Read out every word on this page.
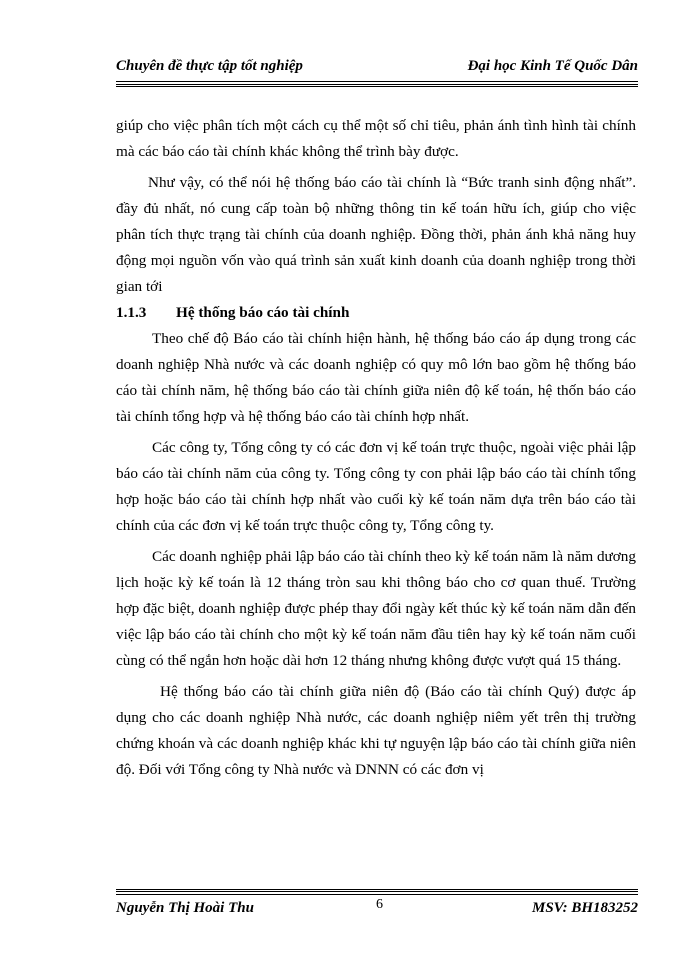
Chuyên đề thực tập tốt nghiệp	Đại học Kinh Tế Quốc Dân

giúp cho việc phân tích một cách cụ thể một số chỉ tiêu, phản ánh tình hình tài chính mà các báo cáo tài chính khác không thể trình bày được.

Như vậy, có thể nói hệ thống báo cáo tài chính là “Bức tranh sinh động nhất”. đầy đủ nhất, nó cung cấp toàn bộ những thông tin kế toán hữu ích, giúp cho việc phân tích thực trạng tài chính của doanh nghiệp. Đồng thời, phản ánh khả năng huy động mọi nguồn vốn vào quá trình sản xuất kinh doanh của doanh nghiệp trong thời gian tới

1.1.3 Hệ thống báo cáo tài chính

Theo chế độ Báo cáo tài chính hiện hành, hệ thống báo cáo áp dụng trong các doanh nghiệp Nhà nước và các doanh nghiệp có quy mô lớn bao gồm hệ thống báo cáo tài chính năm, hệ thống báo cáo tài chính giữa niên độ kế toán, hệ thốn báo cáo tài chính tổng hợp và hệ thống báo cáo tài chính hợp nhất.

Các công ty, Tổng công ty có các đơn vị kế toán trực thuộc, ngoài việc phải lập báo cáo tài chính năm của công ty. Tổng công ty con phải lập báo cáo tài chính tổng hợp hoặc báo cáo tài chính hợp nhất vào cuối kỳ kế toán năm dựa trên báo cáo tài chính của các đơn vị kế toán trực thuộc công ty, Tổng công ty.

Các doanh nghiệp phải lập báo cáo tài chính theo kỳ kế toán năm là năm dương lịch hoặc kỳ kế toán là 12 tháng tròn sau khi thông báo cho cơ quan thuế. Trường hợp đặc biệt, doanh nghiệp được phép thay đổi ngày kết thúc kỳ kế toán năm dẫn đến việc lập báo cáo tài chính cho một kỳ kế toán năm đầu tiên hay kỳ kế toán năm cuối cùng có thể ngắn hơn hoặc dài hơn 12 tháng nhưng không được vượt quá 15 tháng.

Hệ thống báo cáo tài chính giữa niên độ (Báo cáo tài chính Quý) được áp dụng cho các doanh nghiệp Nhà nước, các doanh nghiệp niêm yết trên thị trường chứng khoán và các doanh nghiệp khác khi tự nguyện lập báo cáo tài chính giữa niên độ. Đối với Tổng công ty Nhà nước và DNNN có các đơn vị

Nguyễn Thị Hoài Thu	6	MSV: BH183252
